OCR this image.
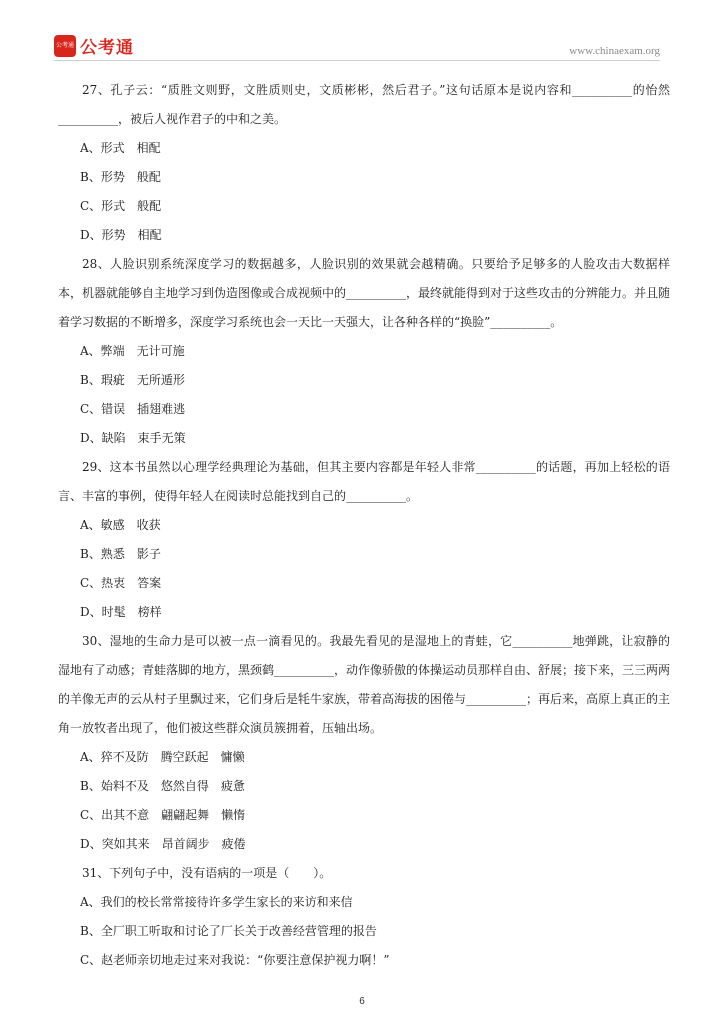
公考通 公考通	www.chinaexam.org
27、孔子云：“质胜文则野，文胜质则史，文质彬彬，然后君子。”这句话原本是说内容和__________的怡然__________，被后人视作君子的中和之美。
A、形式　相配
B、形势　般配
C、形式　般配
D、形势　相配
28、人脸识别系统深度学习的数据越多，人脸识别的效果就会越精确。只要给予足够多的人脸攻击大数据样本，机器就能够自主地学习到伪造图像或合成视频中的__________，最终就能得到对于这些攻击的分辨能力。并且随着学习数据的不断增多，深度学习系统也会一天比一天强大，让各种各样的“换脸”__________。
A、弊端　无计可施
B、瑕疵　无所遁形
C、错误　插翅难逃
D、缺陷　束手无策
29、这本书虽然以心理学经典理论为基础，但其主要内容都是年轻人非常__________的话题，再加上轻松的语言、丰富的事例，使得年轻人在阅读时总能找到自己的__________。
A、敏感　收获
B、熟悉　影子
C、热衷　答案
D、时髦　榜样
30、湿地的生命力是可以被一点一滴看见的。我最先看见的是湿地上的青蛙，它__________地弹跳，让寂静的湿地有了动感；青蛙落脚的地方，黑颈鹤__________，动作像骄傲的体操运动员那样自由、舒展；接下来，三三两两的羊像无声的云从村子里飘过来，它们身后是牦牛家族，带着高海拔的困倦与__________；再后来，高原上真正的主角一放牧者出现了，他们被这些群众演员簇拥着，压轴出场。
A、猝不及防　腾空跃起　慵懒
B、始料不及　悠然自得　疲惫
C、出其不意　翩翩起舞　懒惰
D、突如其来　昂首阔步　疲倦
31、下列句子中，没有语病的一项是（　　）。
A、我们的校长常常接待许多学生家长的来访和来信
B、全厂职工听取和讨论了厂长关于改善经营管理的报告
C、赵老师亲切地走过来对我说：“你要注意保护视力啊！”
6
